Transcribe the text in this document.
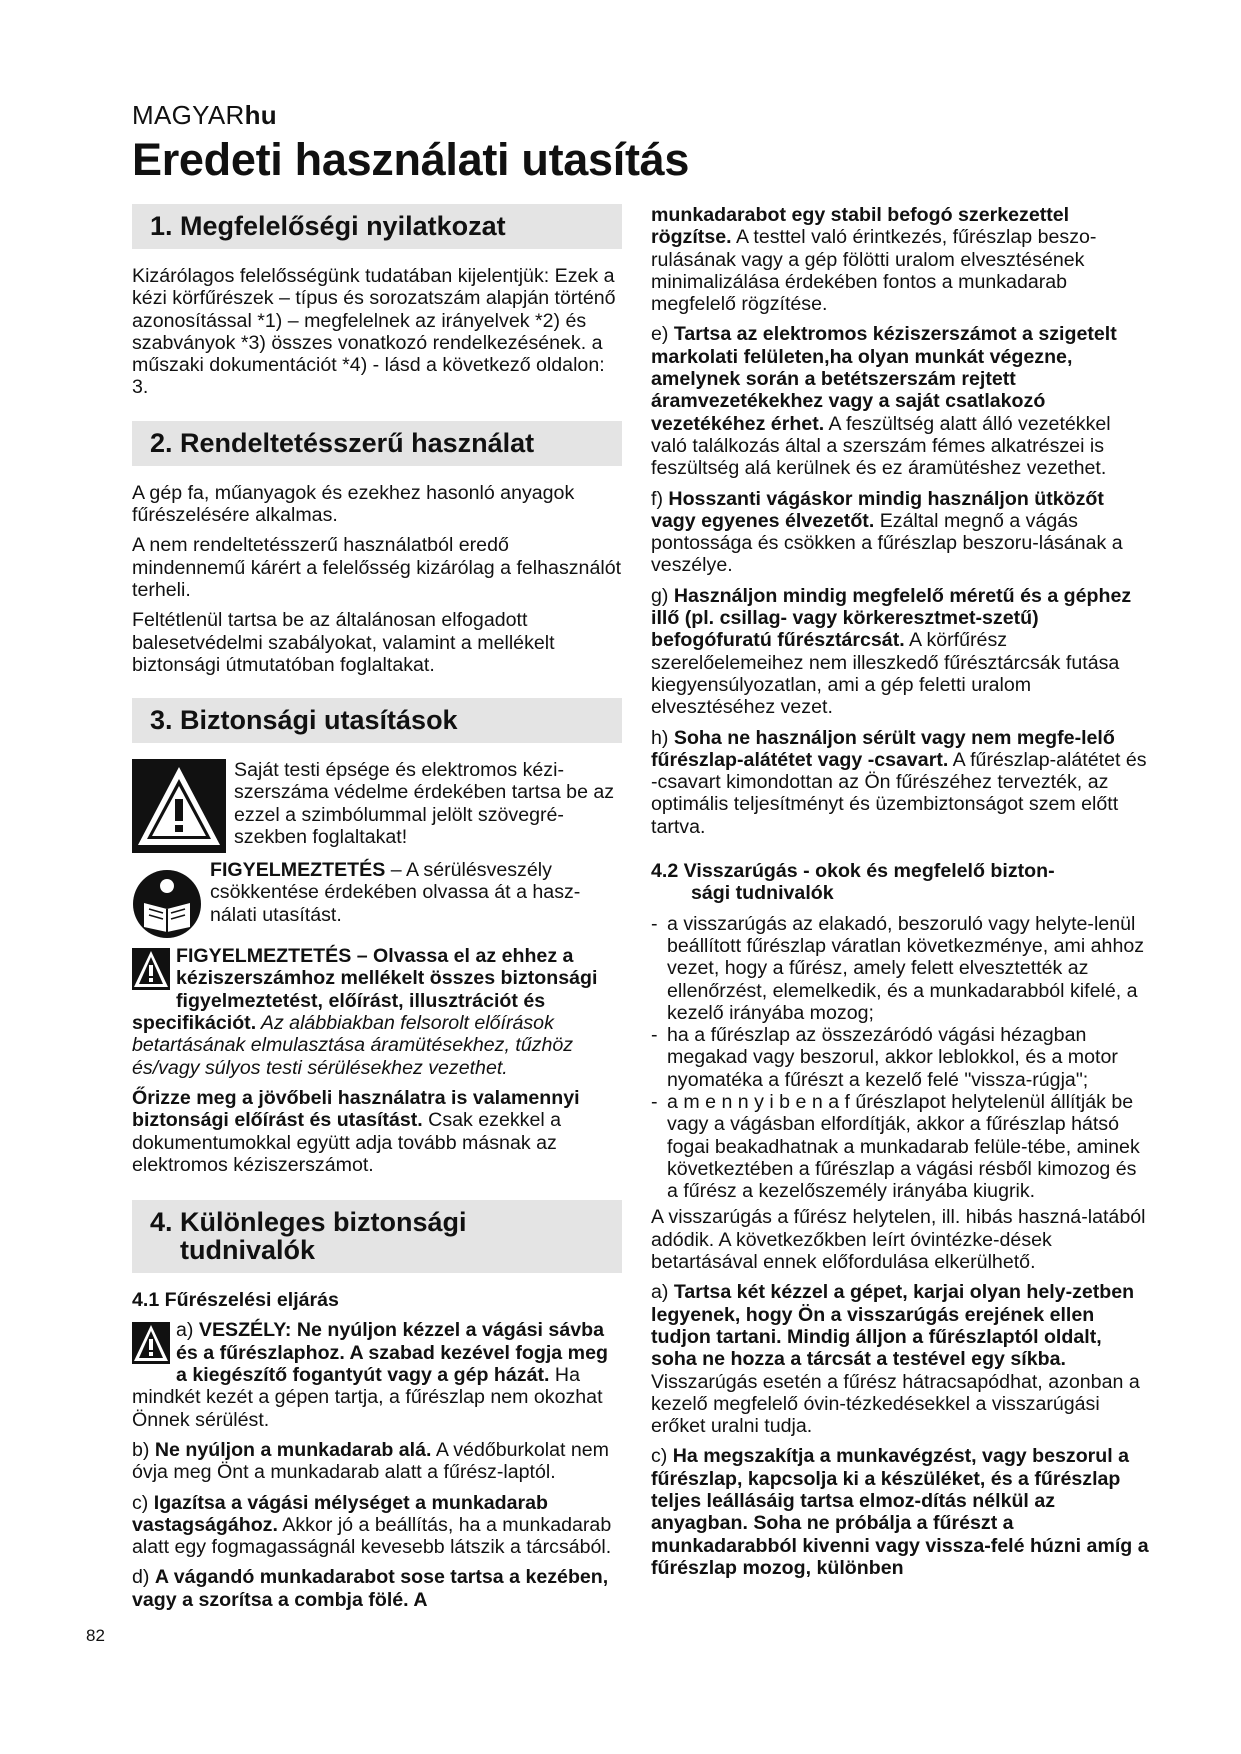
MAGYARhu
Eredeti használati utasítás
1. Megfelelőségi nyilatkozat

Kizárólagos felelősségünk tudatában kijelentjük: Ezek a kézi körfűrészek – típus és sorozatszám alapján történő azonosítással *1) – megfelelnek az irányelvek *2) és szabványok *3) összes vonatkozó rendelkezésének. a műszaki dokumentációt *4) - lásd a következő oldalon: 3.

2. Rendeltetésszerű használat

A gép fa, műanyagok és ezekhez hasonló anyagok fűrészelésére alkalmas.

A nem rendeltetésszerű használatból eredő mindennemű kárért a felelősség kizárólag a felhasználót terheli.

Feltétlenül tartsa be az általánosan elfogadott balesetvédelmi szabályokat, valamint a mellékelt biztonsági útmutatóban foglaltakat.

3. Biztonsági utasítások

Saját testi épsége és elektromos kézi-szerszáma védelme érdekében tartsa be az ezzel a szimbólummal jelölt szövegré-szekben foglaltakat!

FIGYELMEZTETÉS – A sérülésveszély csökkentése érdekében olvassa át a hasz-nálati utasítást.

FIGYELMEZTETÉS – Olvassa el az ehhez a kéziszerszámhoz mellékelt összes biztonsági figyelmeztetést, előírást, illusztrációt és specifikációt. Az alábbiakban felsorolt előírások betartásának elmulasztása áramütésekhez, tűzhöz és/vagy súlyos testi sérülésekhez vezethet.

Őrizze meg a jövőbeli használatra is valamennyi biztonsági előírást és utasítást. Csak ezekkel a dokumentumokkal együtt adja tovább másnak az elektromos kéziszerszámot.

4. Különleges biztonsági
tudnivalók
4.1 Fűrészelési eljárás

a) VESZÉLY: Ne nyúljon kézzel a vágási sávba és a fűrészlaphoz. A szabad kezével fogja meg a kiegészítő fogantyút vagy a gép házát. Ha mindkét kezét a gépen tartja, a fűrészlap nem okozhat Önnek sérülést.

b) Ne nyúljon a munkadarab alá. A védőburkolat nem óvja meg Önt a munkadarab alatt a fűrész-laptól.

c) Igazítsa a vágási mélységet a munkadarab vastagságához. Akkor jó a beállítás, ha a munkadarab alatt egy fogmagasságnál kevesebb látszik a tárcsából.

d) A vágandó munkadarabot sose tartsa a kezében, vagy a szorítsa a combja fölé. A

munkadarabot egy stabil befogó szerkezettel rögzítse. A testtel való érintkezés, fűrészlap beszo-rulásának vagy a gép fölötti uralom elvesztésének minimalizálása érdekében fontos a munkadarab megfelelő rögzítése.

e) Tartsa az elektromos kéziszerszámot a szigetelt markolati felületen,ha olyan munkát végezne, amelynek során a betétszerszám rejtett áramvezetékekhez vagy a saját csatlakozó vezetékéhez érhet. A feszültség alatt álló vezetékkel való találkozás által a szerszám fémes alkatrészei is feszültség alá kerülnek és ez áramütéshez vezethet.

f) Hosszanti vágáskor mindig használjon ütközőt vagy egyenes élvezetőt. Ezáltal megnő a vágás pontossága és csökken a fűrészlap beszoru-lásának a veszélye.

g) Használjon mindig megfelelő méretű és a géphez illő (pl. csillag- vagy körkeresztmet-szetű) befogófuratú fűrésztárcsát. A körfűrész szerelőelemeihez nem illeszkedő fűrésztárcsák futása kiegyensúlyozatlan, ami a gép feletti uralom elvesztéséhez vezet.

h) Soha ne használjon sérült vagy nem megfe-lelő fűrészlap-alátétet vagy -csavart. A fűrészlap-alátétet és -csavart kimondottan az Ön fűrészéhez tervezték, az optimális teljesítményt és üzembiztonságot szem előtt tartva.

4.2 Visszarúgás - okok és megfelelő bizton-
sági tudnivalók
- a visszarúgás az elakadó, beszoruló vagy helyte-lenül beállított fűrészlap váratlan következménye, ami ahhoz vezet, hogy a fűrész, amely felett elvesztették az ellenőrzést, elemelkedik, és a munkadarabból kifelé, a kezelő irányába mozog;
- ha a fűrészlap az összezáródó vágási hézagban megakad vagy beszorul, akkor leblokkol, és a motor nyomatéka a fűrészt a kezelő felé "vissza-rúgja";
- a m e n n y i b e n a f űrészlapot helytelenül állítják be vagy a vágásban elfordítják, akkor a fűrészlap hátsó fogai beakadhatnak a munkadarab felüle-tébe, aminek következtében a fűrészlap a vágási résből kimozog és a fűrész a kezelőszemély irányába kiugrik.

A visszarúgás a fűrész helytelen, ill. hibás haszná-latából adódik. A következőkben leírt óvintézke-dések betartásával ennek előfordulása elkerülhető.

a) Tartsa két kézzel a gépet, karjai olyan hely-zetben legyenek, hogy Ön a visszarúgás erejének ellen tudjon tartani. Mindig álljon a fűrészlaptól oldalt, soha ne hozza a tárcsát a testével egy síkba. Visszarúgás esetén a fűrész hátracsapódhat, azonban a kezelő megfelelő óvin-tézkedésekkel a visszarúgási erőket uralni tudja.

c) Ha megszakítja a munkavégzést, vagy beszorul a fűrészlap, kapcsolja ki a készüléket, és a fűrészlap teljes leállásáig tartsa elmoz-dítás nélkül az anyagban. Soha ne próbálja a fűrészt a munkadarabból kivenni vagy vissza-felé húzni amíg a fűrészlap mozog, különben

82
